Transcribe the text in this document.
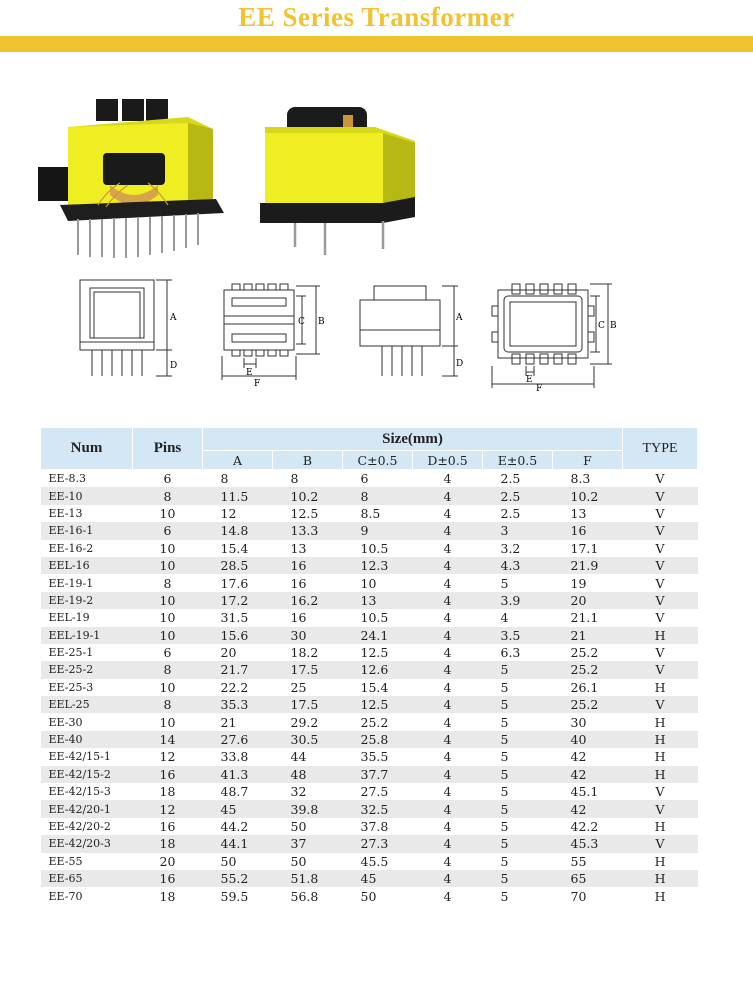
EE Series Transformer
A
D
C B
E
F
A
D
C B
E
F
Num	Pins	Size(mm)						TYPE
		A	B	C±0.5	D±0.5	E±0.5	F	
EE-8.3	6	8	8	6	4	2.5	8.3	V
EE-10	8	11.5	10.2	8	4	2.5	10.2	V
EE-13	10	12	12.5	8.5	4	2.5	13	V
EE-16-1	6	14.8	13.3	9	4	3	16	V
EE-16-2	10	15.4	13	10.5	4	3.2	17.1	V
EEL-16	10	28.5	16	12.3	4	4.3	21.9	V
EE-19-1	8	17.6	16	10	4	5	19	V
EE-19-2	10	17.2	16.2	13	4	3.9	20	V
EEL-19	10	31.5	16	10.5	4	4	21.1	V
EEL-19-1	10	15.6	30	24.1	4	3.5	21	H
EE-25-1	6	20	18.2	12.5	4	6.3	25.2	V
EE-25-2	8	21.7	17.5	12.6	4	5	25.2	V
EE-25-3	10	22.2	25	15.4	4	5	26.1	H
EEL-25	8	35.3	17.5	12.5	4	5	25.2	V
EE-30	10	21	29.2	25.2	4	5	30	H
EE-40	14	27.6	30.5	25.8	4	5	40	H
EE-42/15-1	12	33.8	44	35.5	4	5	42	H
EE-42/15-2	16	41.3	48	37.7	4	5	42	H
EE-42/15-3	18	48.7	32	27.5	4	5	45.1	V
EE-42/20-1	12	45	39.8	32.5	4	5	42	V
EE-42/20-2	16	44.2	50	37.8	4	5	42.2	H
EE-42/20-3	18	44.1	37	27.3	4	5	45.3	V
EE-55	20	50	50	45.5	4	5	55	H
EE-65	16	55.2	51.8	45	4	5	65	H
EE-70	18	59.5	56.8	50	4	5	70	H
